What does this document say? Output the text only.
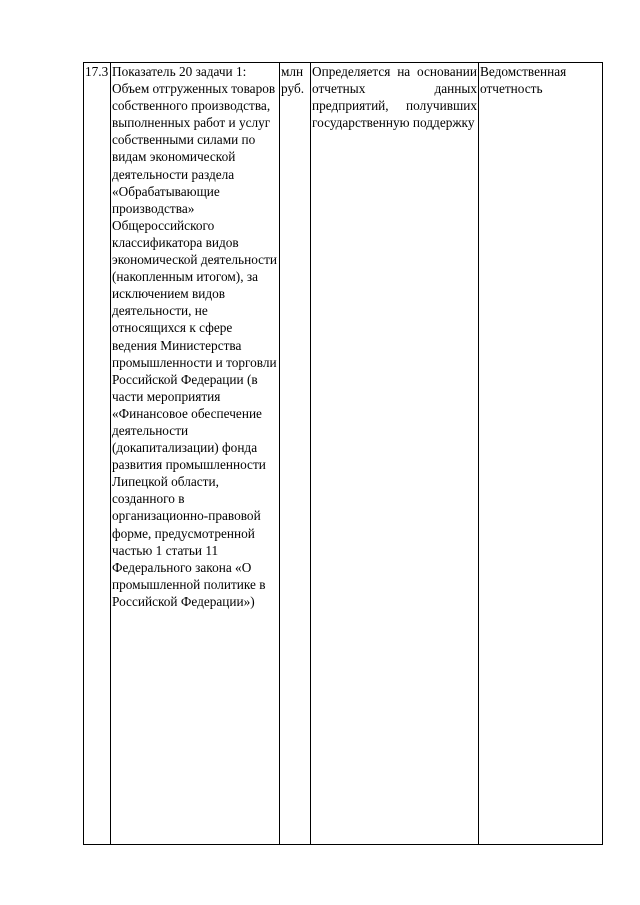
17.3 Показатель 20 задачи 1: Объем отгруженных товаров собственного производства, выполненных работ и услуг собственными силами по видам экономической деятельности раздела «Обрабатывающие производства» Общероссийского классификатора видов экономической деятельности (накопленным итогом), за исключением видов деятельности, не относящихся к сфере ведения Министерства промышленности и торговли Российской Федерации (в части мероприятия «Финансовое обеспечение деятельности (докапитализации) фонда развития промышленности Липецкой области, созданного в организационно-правовой форме, предусмотренной частью 1 статьи 11 Федерального закона «О промышленной политике в Российской Федерации»)
млн руб.
Определяется на основании отчетных данных предприятий, получивших государственную поддержку
Ведомственная отчетность
